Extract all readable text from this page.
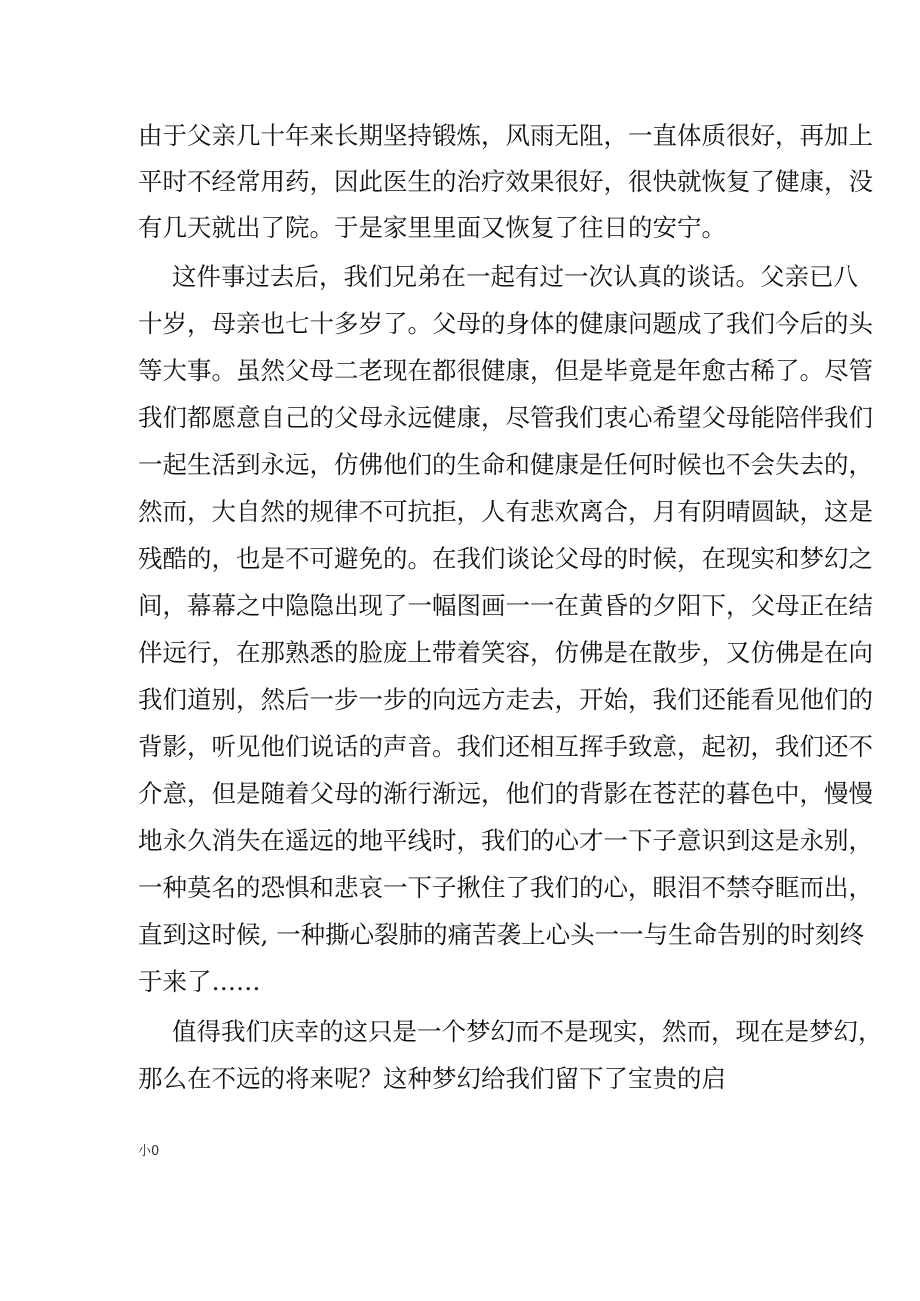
由于父亲几十年来长期坚持锻炼，风雨无阻，一直体质很好，再加上
平时不经常用药，因此医生的治疗效果很好，很快就恢复了健康，没
有几天就出了院。于是家里里面又恢复了往日的安宁。
这件事过去后，我们兄弟在一起有过一次认真的谈话。父亲已八
十岁，母亲也七十多岁了。父母的身体的健康问题成了我们今后的头
等大事。虽然父母二老现在都很健康，但是毕竟是年愈古稀了。尽管
我们都愿意自己的父母永远健康，尽管我们衷心希望父母能陪伴我们
一起生活到永远，仿佛他们的生命和健康是任何时候也不会失去的，
然而，大自然的规律不可抗拒，人有悲欢离合，月有阴晴圆缺，这是
残酷的，也是不可避免的。在我们谈论父母的时候，在现实和梦幻之
间，幕幕之中隐隐出现了一幅图画一一在黄昏的夕阳下，父母正在结
伴远行，在那熟悉的脸庞上带着笑容，仿佛是在散步，又仿佛是在向
我们道别，然后一步一步的向远方走去，开始，我们还能看见他们的
背影，听见他们说话的声音。我们还相互挥手致意，起初，我们还不
介意，但是随着父母的渐行渐远，他们的背影在苍茫的暮色中，慢慢
地永久消失在遥远的地平线时，我们的心才一下子意识到这是永别，
一种莫名的恐惧和悲哀一下子揪住了我们的心，眼泪不禁夺眶而出，
直到这时候, 一种撕心裂肺的痛苦袭上心头一一与生命告别的时刻终
于来了……
值得我们庆幸的这只是一个梦幻而不是现实，然而，现在是梦幻，
那么在不远的将来呢？这种梦幻给我们留下了宝贵的启
小0
